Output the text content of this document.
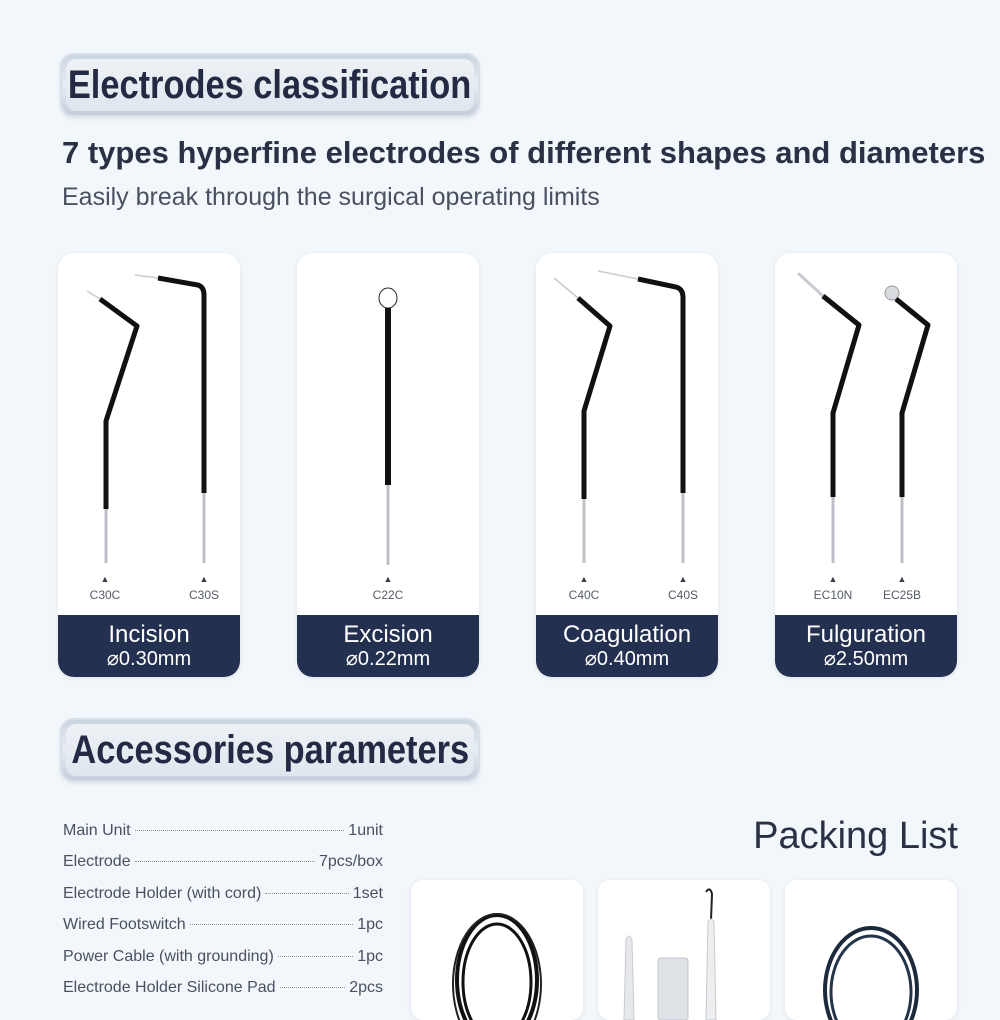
Electrodes classification
7 types hyperfine electrodes of different shapes and diameters
Easily break through the surgical operating limits
▲
C30C
▲
C30S
Incision
⌀0.30mm
▲
C22C
Excision
⌀0.22mm
▲
C40C
▲
C40S
Coagulation
⌀0.40mm
▲
EC10N
▲
EC25B
Fulguration
⌀2.50mm
Accessories parameters
Main Unit	1unit
Electrode	7pcs/box
Electrode Holder (with cord)	1set
Wired Footswitch	1pc
Power Cable (with grounding)	1pc
Electrode Holder Silicone Pad	2pcs
Packing List
